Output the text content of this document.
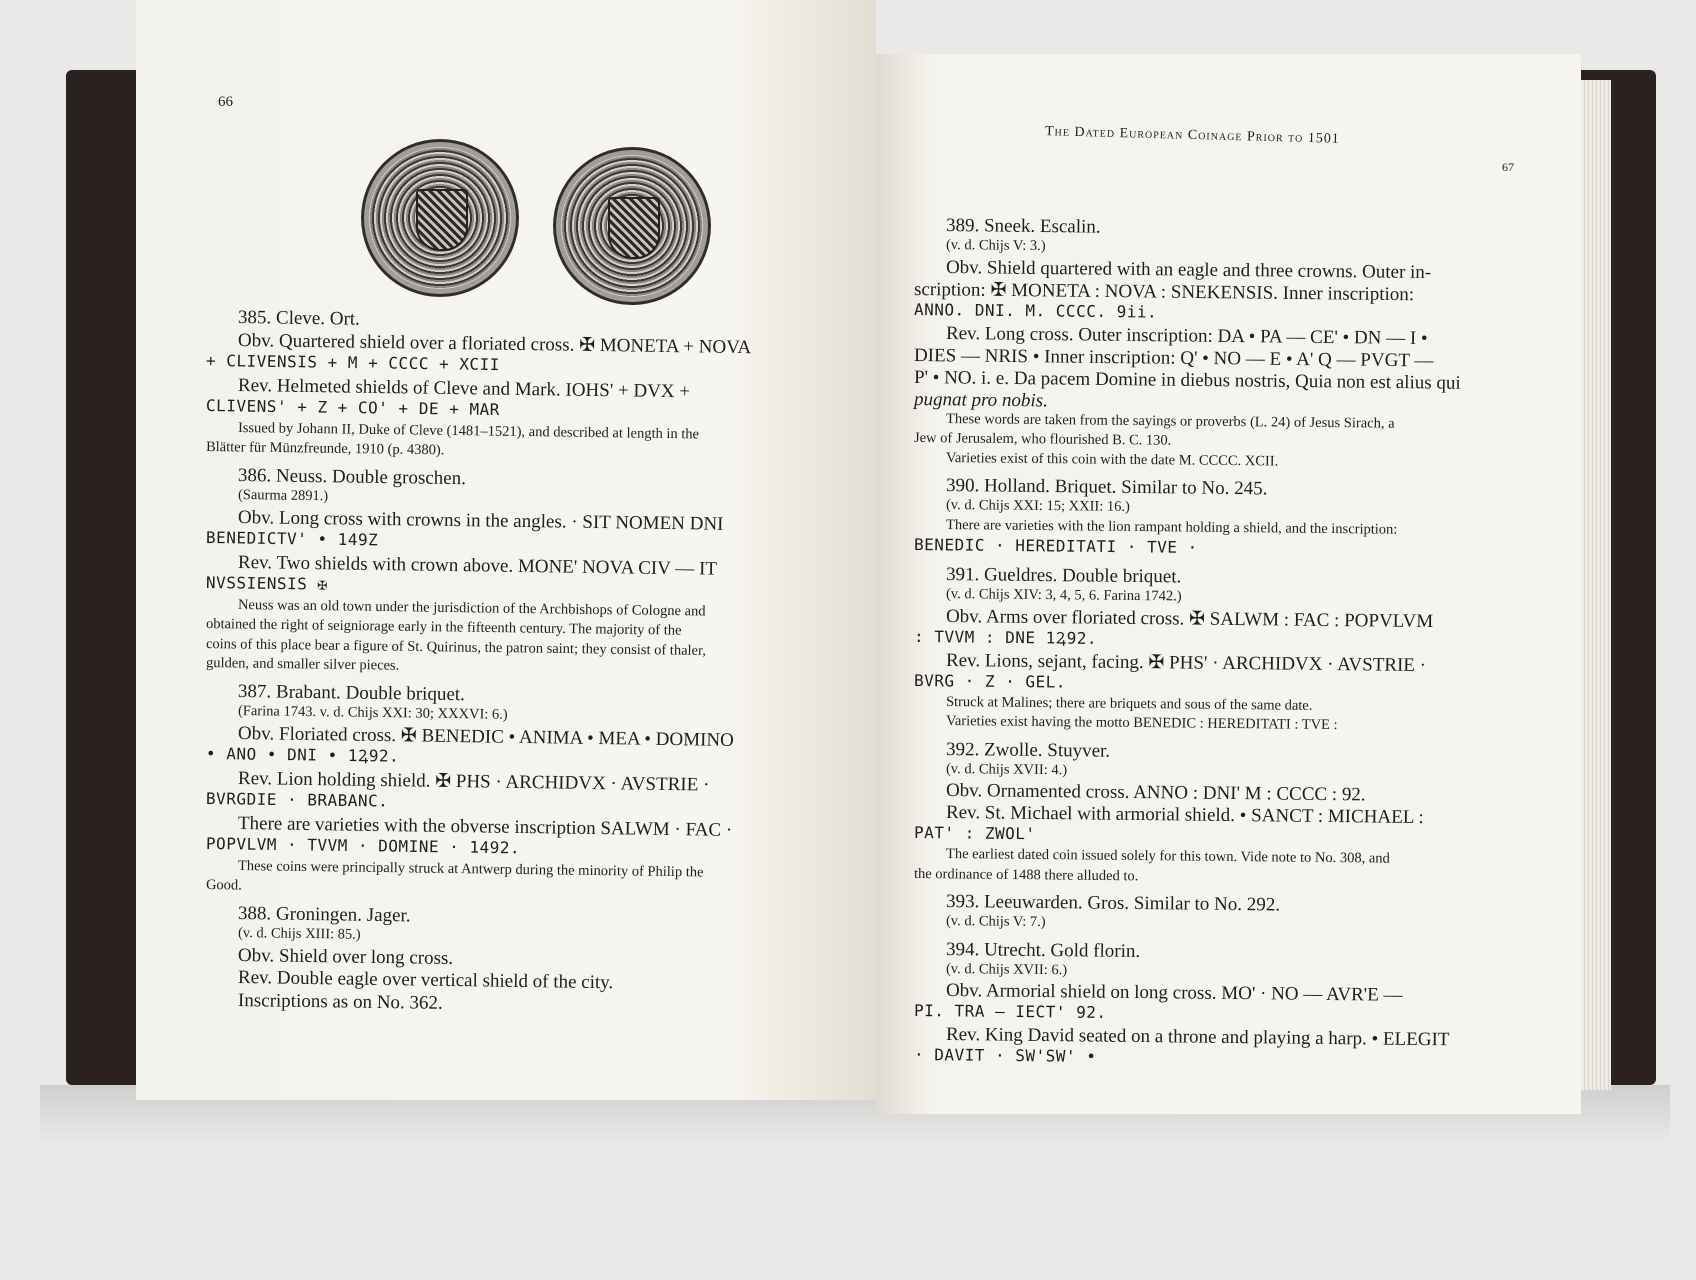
385. Cleve. Ort.
Obv. Quartered shield over a floriated cross. ✠ MONETA + NOVA
+ CLIVENSIS + M + CCCC + XCII
Rev. Helmeted shields of Cleve and Mark. IOHS' + DVX +
CLIVENS' + Z + CO' + DE + MAR
Issued by Johann II, Duke of Cleve (1481–1521), and described at length in the
Blätter für Münzfreunde, 1910 (p. 4380).
386. Neuss. Double groschen.
(Saurma 2891.)
Obv. Long cross with crowns in the angles. · SIT NOMEN DNI
BENEDICTV' • 149Z
Rev. Two shields with crown above. MONE' NOVA CIV — IT
NVSSIENSIS ✠
Neuss was an old town under the jurisdiction of the Archbishops of Cologne and
obtained the right of seigniorage early in the fifteenth century. The majority of the
coins of this place bear a figure of St. Quirinus, the patron saint; they consist of thaler,
gulden, and smaller silver pieces.
387. Brabant. Double briquet.
(Farina 1743. v. d. Chijs XXI: 30; XXXVI: 6.)
Obv. Floriated cross. ✠ BENEDIC • ANIMA • MEA • DOMINO
• ANO • DNI • 1Ꝝ92.
Rev. Lion holding shield. ✠ PHS · ARCHIDVX · AVSTRIE ·
BVRGDIE · BRABANC.
There are varieties with the obverse inscription SALWM · FAC ·
POPVLVM · TVVM · DOMINE · 1492.
These coins were principally struck at Antwerp during the minority of Philip the
Good.
388. Groningen. Jager.
(v. d. Chijs XIII: 85.)
Obv. Shield over long cross.
Rev. Double eagle over vertical shield of the city.
Inscriptions as on No. 362.
66
389. Sneek. Escalin.
(v. d. Chijs V: 3.)
Obv. Shield quartered with an eagle and three crowns. Outer in-
scription: ✠ MONETA : NOVA : SNEKENSIS. Inner inscription:
ANNO. DNI. M. CCCC. 9ii.
Rev. Long cross. Outer inscription: DA • PA — CE' • DN — I •
DIES — NRIS • Inner inscription: Q' • NO — E • A' Q — PVGT —
P' • NO. i. e. Da pacem Domine in diebus nostris, Quia non est alius qui
pugnat pro nobis.
These words are taken from the sayings or proverbs (L. 24) of Jesus Sirach, a
Jew of Jerusalem, who flourished B. C. 130.
Varieties exist of this coin with the date M. CCCC. XCII.
390. Holland. Briquet. Similar to No. 245.
(v. d. Chijs XXI: 15; XXII: 16.)
There are varieties with the lion rampant holding a shield, and the inscription:
BENEDIC · HEREDITATI · TVE ·
391. Gueldres. Double briquet.
(v. d. Chijs XIV: 3, 4, 5, 6. Farina 1742.)
Obv. Arms over floriated cross. ✠ SALWM : FAC : POPVLVM
: TVVM : DNE 1Ꝝ92.
Rev. Lions, sejant, facing. ✠ PHS' · ARCHIDVX · AVSTRIE ·
BVRG · Z · GEL.
Struck at Malines; there are briquets and sous of the same date.
Varieties exist having the motto BENEDIC : HEREDITATI : TVE :
392. Zwolle. Stuyver.
(v. d. Chijs XVII: 4.)
Obv. Ornamented cross. ANNO : DNI' M : CCCC : 92.
Rev. St. Michael with armorial shield. • SANCT : MICHAEL :
PAT' : ZWOL'
The earliest dated coin issued solely for this town. Vide note to No. 308, and
the ordinance of 1488 there alluded to.
393. Leeuwarden. Gros. Similar to No. 292.
(v. d. Chijs V: 7.)
394. Utrecht. Gold florin.
(v. d. Chijs XVII: 6.)
Obv. Armorial shield on long cross. MO' · NO — AVR'E —
PI. TRA — IECT' 92.
Rev. King David seated on a throne and playing a harp. • ELEGIT
· DAVIT · SW'SW' •
The Dated European Coinage Prior to 1501
67
